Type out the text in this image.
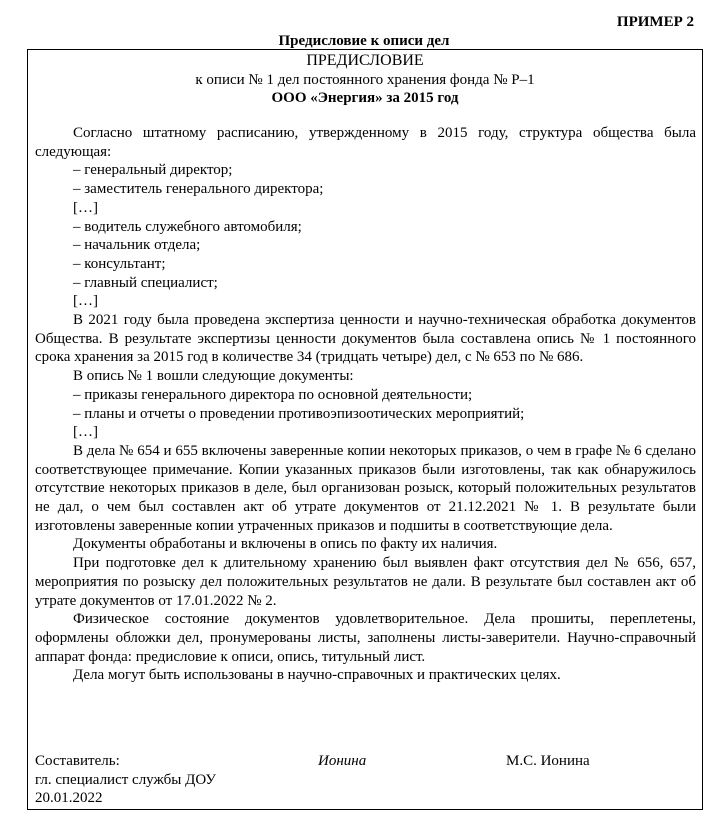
ПРИМЕР 2
Предисловие к описи дел
ПРЕДИСЛОВИЕ
к описи № 1 дел постоянного хранения фонда № Р–1
ООО «Энергия» за 2015 год

Согласно штатному расписанию, утвержденному в 2015 году, структура общества была следующая:

– генеральный директор;

– заместитель генерального директора;

[…]

– водитель служебного автомобиля;

– начальник отдела;

– консультант;

– главный специалист;

[…]

В 2021 году была проведена экспертиза ценности и научно-техническая обработка документов Общества. В результате экспертизы ценности документов была составлена опись № 1 постоянного срока хранения за 2015 год в количестве 34 (тридцать четыре) дел, с № 653 по № 686.

В опись № 1 вошли следующие документы:

– приказы генерального директора по основной деятельности;

– планы и отчеты о проведении противоэпизоотических мероприятий;

[…]

В дела № 654 и 655 включены заверенные копии некоторых приказов, о чем в графе № 6 сделано соответствующее примечание. Копии указанных приказов были изготовлены, так как обнаружилось отсутствие некоторых приказов в деле, был организован розыск, который положительных результатов не дал, о чем был составлен акт об утрате документов от 21.12.2021 № 1. В результате были изготовлены заверенные копии утраченных приказов и подшиты в соответствующие дела.

Документы обработаны и включены в опись по факту их наличия.

При подготовке дел к длительному хранению был выявлен факт отсутствия дел № 656, 657, мероприятия по розыску дел положительных результатов не дали. В результате был составлен акт об утрате документов от 17.01.2022 № 2.

Физическое состояние документов удовлетворительное. Дела прошиты, переплетены, оформлены обложки дел, пронумерованы листы, заполнены листы-заверители. Научно-справочный аппарат фонда: предисловие к описи, опись, титульный лист.

Дела могут быть использованы в научно-справочных и практических целях.

Составитель:
гл. специалист службы ДОУ
20.01.2022
Ионина	М.С. Ионина
